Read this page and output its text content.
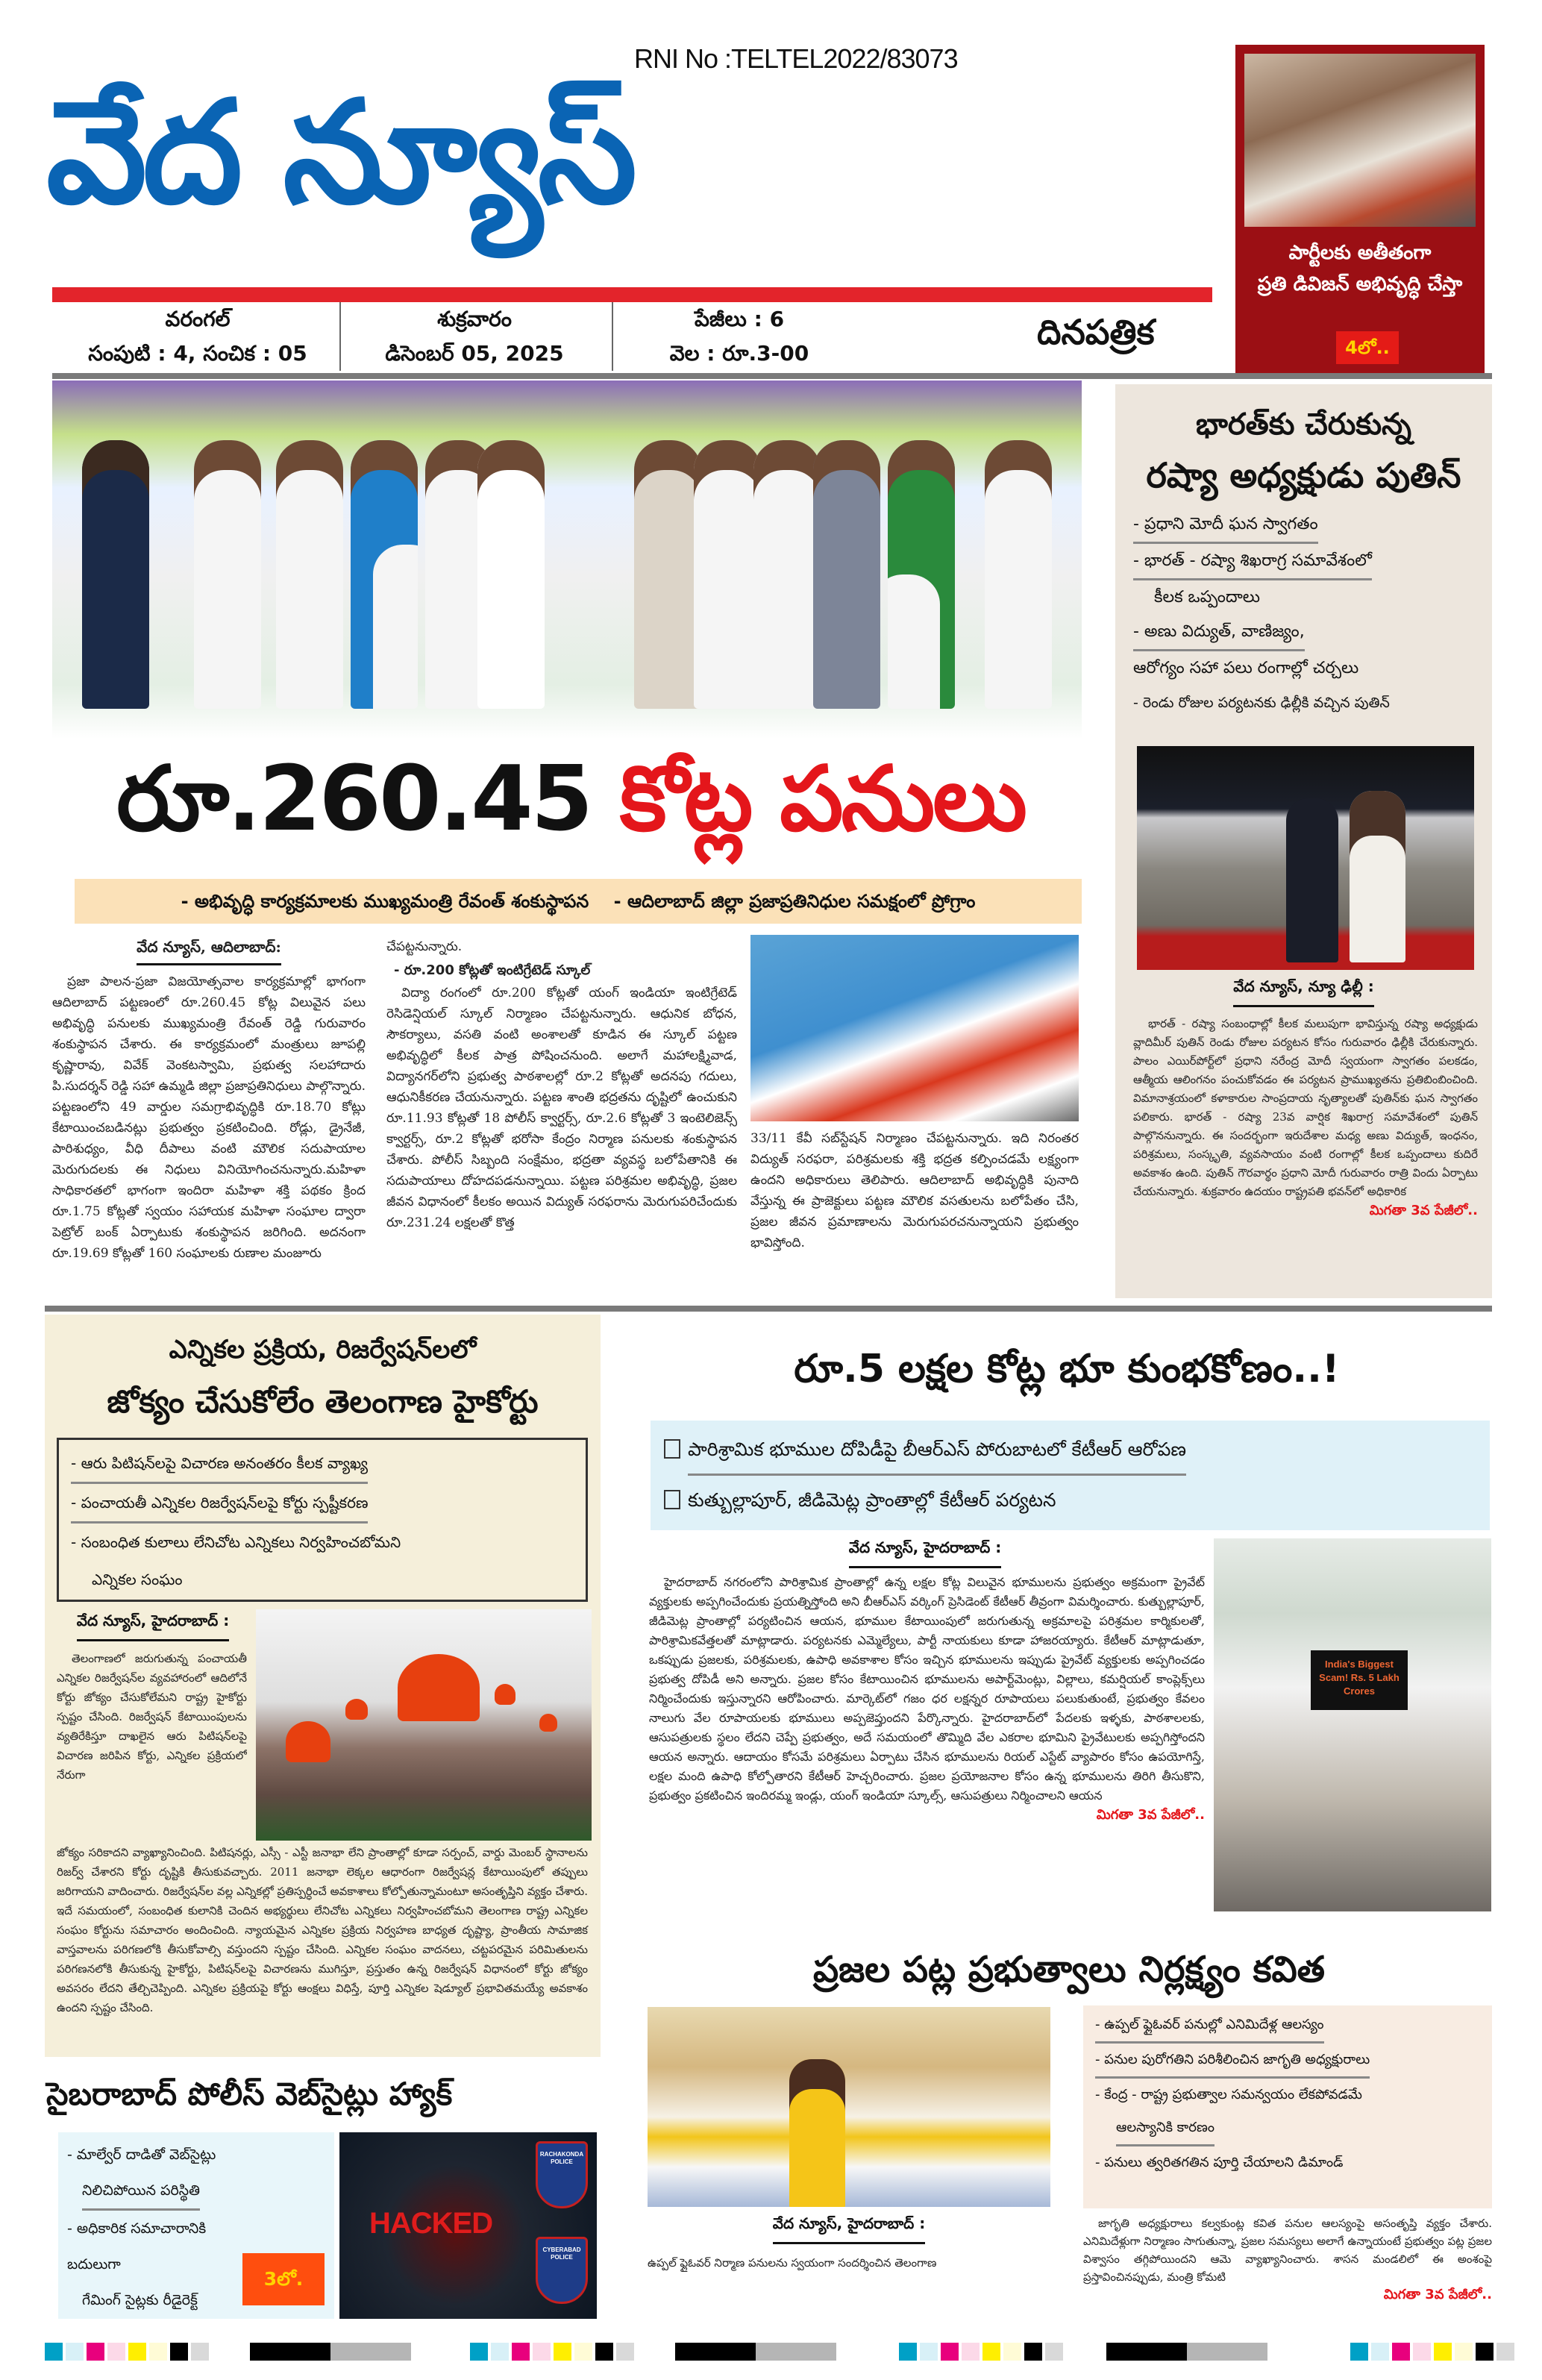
RNI No :TELTEL2022/83073
వేద న్యూస్
వరంగల్
సంపుటి : 4, సంచిక : 05
శుక్రవారం
డిసెంబర్ 05, 2025
పేజీలు : 6
వెల : రూ.3-00
దినపత్రిక
పార్టీలకు అతీతంగా
ప్రతి డివిజన్ అభివృద్ధి చేస్తా
4లో..
రూ.260.45 కోట్ల పనులు
- అభివృద్ధి కార్యక్రమాలకు ముఖ్యమంత్రి రేవంత్ శంకుస్థాపన - ఆదిలాబాద్ జిల్లా ప్రజాప్రతినిధుల సమక్షంలో ప్రోగ్రాం
వేద న్యూస్, ఆదిలాబాద్:

ప్రజా పాలన-ప్రజా విజయోత్సవాల కార్యక్రమాల్లో భాగంగా ఆదిలాబాద్ పట్టణంలో రూ.260.45 కోట్ల విలువైన పలు అభివృద్ధి పనులకు ముఖ్యమంత్రి రేవంత్ రెడ్డి గురువారం శంకుస్థాపన చేశారు. ఈ కార్యక్రమంలో మంత్రులు జూపల్లి కృష్ణారావు, వివేక్ వెంకటస్వామి, ప్రభుత్వ సలహాదారు పి.సుదర్శన్ రెడ్డి సహా ఉమ్మడి జిల్లా ప్రజాప్రతినిధులు పాల్గొన్నారు. పట్టణంలోని 49 వార్డుల సమగ్రాభివృద్ధికి రూ.18.70 కోట్లు కేటాయించబడినట్లు ప్రభుత్వం ప్రకటించింది. రోడ్లు, డ్రైనేజీ, పారిశుధ్యం, వీధి దీపాలు వంటి మౌలిక సదుపాయాల మెరుగుదలకు ఈ నిధులు వినియోగించనున్నారు.మహిళా సాధికారతలో భాగంగా ఇందిరా మహిళా శక్తి పథకం క్రింద రూ.1.75 కోట్లతో స్వయం సహాయక మహిళా సంఘాల ద్వారా పెట్రోల్ బంక్ ఏర్పాటుకు శంకుస్థాపన జరిగింది. అదనంగా రూ.19.69 కోట్లతో 160 సంఘాలకు రుణాల మంజూరు

చేపట్టనున్నారు.
- రూ.200 కోట్లతో ఇంటిగ్రేటెడ్ స్కూల్

విద్యా రంగంలో రూ.200 కోట్లతో యంగ్ ఇండియా ఇంటిగ్రేటెడ్ రెసిడెన్షియల్ స్కూల్ నిర్మాణం చేపట్టనున్నారు. ఆధునిక బోధన, సౌకర్యాలు, వసతి వంటి అంశాలతో కూడిన ఈ స్కూల్ పట్టణ అభివృద్ధిలో కీలక పాత్ర పోషించనుంది. అలాగే మహాలక్ష్మివాడ, విద్యానగర్‌లోని ప్రభుత్వ పాఠశాలల్లో రూ.2 కోట్లతో అదనపు గదులు, ఆధునికీకరణ చేయనున్నారు. పట్టణ శాంతి భద్రతను దృష్టిలో ఉంచుకుని రూ.11.93 కోట్లతో 18 పోలీస్ క్వార్టర్స్, రూ.2.6 కోట్లతో 3 ఇంటెలిజెన్స్ క్వార్టర్స్, రూ.2 కోట్లతో భరోసా కేంద్రం నిర్మాణ పనులకు శంకుస్థాపన చేశారు. పోలీస్ సిబ్బంది సంక్షేమం, భద్రతా వ్యవస్థ బలోపేతానికి ఈ సదుపాయాలు దోహదపడనున్నాయి. పట్టణ పరిశ్రమల అభివృద్ధి, ప్రజల జీవన విధానంలో కీలకం అయిన విద్యుత్ సరఫరాను మెరుగుపరిచేందుకు రూ.231.24 లక్షలతో కొత్త

33/11 కేవీ సబ్‌స్టేషన్ నిర్మాణం చేపట్టనున్నారు. ఇది నిరంతర విద్యుత్ సరఫరా, పరిశ్రమలకు శక్తి భద్రత కల్పించడమే లక్ష్యంగా ఉందని అధికారులు తెలిపారు. ఆదిలాబాద్ అభివృద్ధికి పునాది వేస్తున్న ఈ ప్రాజెక్టులు పట్టణ మౌలిక వసతులను బలోపేతం చేసి, ప్రజల జీవన ప్రమాణాలను మెరుగుపరచనున్నాయని ప్రభుత్వం భావిస్తోంది.
భారత్‌కు చేరుకున్న
రష్యా అధ్యక్షుడు పుతిన్
- ప్రధాని మోదీ ఘన స్వాగతం
- భారత్ - రష్యా శిఖరాగ్ర సమావేశంలో
కీలక ఒప్పందాలు
- అణు విద్యుత్, వాణిజ్యం,
ఆరోగ్యం సహా పలు రంగాల్లో చర్చలు
- రెండు రోజుల పర్యటనకు ఢిల్లీకి వచ్చిన పుతిన్
వేద న్యూస్, న్యూ ఢిల్లీ :

భారత్ - రష్యా సంబంధాల్లో కీలక మలుపుగా భావిస్తున్న రష్యా అధ్యక్షుడు వ్లాదిమీర్ పుతిన్ రెండు రోజుల పర్యటన కోసం గురువారం ఢిల్లీకి చేరుకున్నారు. పాలం ఎయిర్‌పోర్ట్‌లో ప్రధాని నరేంద్ర మోదీ స్వయంగా స్వాగతం పలకడం, ఆత్మీయ ఆలింగనం పంచుకోవడం ఈ పర్యటన ప్రాముఖ్యతను ప్రతిబింబించింది. విమానాశ్రయంలో కళాకారుల సాంప్రదాయ నృత్యాలతో పుతిన్‌కు ఘన స్వాగతం పలికారు. భారత్ - రష్యా 23వ వార్షిక శిఖరాగ్ర సమావేశంలో పుతిన్ పాల్గొననున్నారు. ఈ సందర్భంగా ఇరుదేశాల మధ్య అణు విద్యుత్, ఇంధనం, పరిశ్రమలు, సంస్కృతి, వ్యవసాయం వంటి రంగాల్లో కీలక ఒప్పందాలు కుదిరే అవకాశం ఉంది. పుతిన్ గౌరవార్థం ప్రధాని మోదీ గురువారం రాత్రి విందు ఏర్పాటు చేయనున్నారు. శుక్రవారం ఉదయం రాష్ట్రపతి భవన్‌లో అధికారిక

మిగతా 3వ పేజీలో..
ఎన్నికల ప్రక్రియ, రిజర్వేషన్‌లలో
జోక్యం చేసుకోలేం తెలంగాణ హైకోర్టు
- ఆరు పిటిషన్‌లపై విచారణ అనంతరం కీలక వ్యాఖ్య
- పంచాయతీ ఎన్నికల రిజర్వేషన్‌లపై కోర్టు స్పష్టీకరణ
- సంబంధిత కులాలు లేనిచోట ఎన్నికలు నిర్వహించబోమని
ఎన్నికల సంఘం
వేద న్యూస్, హైదరాబాద్ :

తెలంగాణలో జరుగుతున్న పంచాయతీ ఎన్నికల రిజర్వేషన్‌ల వ్యవహారంలో ఆదిలోనే కోర్టు జోక్యం చేసుకోలేమని రాష్ట్ర హైకోర్టు స్పష్టం చేసింది. రిజర్వేషన్ కేటాయింపులను వ్యతిరేకిస్తూ దాఖలైన ఆరు పిటిషన్‌లపై విచారణ జరిపిన కోర్టు, ఎన్నికల ప్రక్రియలో నేరుగా

జోక్యం సరికాదని వ్యాఖ్యానించింది. పిటిషనర్లు, ఎస్సీ - ఎస్టీ జనాభా లేని ప్రాంతాల్లో కూడా సర్పంచ్, వార్డు మెంబర్ స్థానాలను రిజర్వ్ చేశారని కోర్టు దృష్టికి తీసుకువచ్చారు. 2011 జనాభా లెక్కల ఆధారంగా రిజర్వేషన్ల కేటాయింపులో తప్పులు జరిగాయని వాదించారు. రిజర్వేషన్‌ల వల్ల ఎన్నికల్లో ప్రతిస్పర్ధించే అవకాశాలు కోల్పోతున్నామంటూ అసంతృప్తిని వ్యక్తం చేశారు. ఇదే సమయంలో, సంబంధిత కులానికి చెందిన అభ్యర్థులు లేనిచోట ఎన్నికలు నిర్వహించబోమని తెలంగాణ రాష్ట్ర ఎన్నికల సంఘం కోర్టును సమాచారం అందించింది. న్యాయమైన ఎన్నికల ప్రక్రియ నిర్వహణ బాధ్యత దృష్ట్యా, ప్రాంతీయ సామాజిక వాస్తవాలను పరిగణలోకి తీసుకోవాల్సి వస్తుందని స్పష్టం చేసింది. ఎన్నికల సంఘం వాదనలు, చట్టపరమైన పరిమితులను పరిగణనలోకి తీసుకున్న హైకోర్టు, పిటిషన్‌లపై విచారణను ముగిస్తూ, ప్రస్తుతం ఉన్న రిజర్వేషన్ విధానంలో కోర్టు జోక్యం అవసరం లేదని తేల్చిచెప్పింది. ఎన్నికల ప్రక్రియపై కోర్టు ఆంక్షలు విధిస్తే, పూర్తి ఎన్నికల షెడ్యూల్ ప్రభావితమయ్యే అవకాశం ఉందని స్పష్టం చేసింది.
సైబరాబాద్ పోలీస్ వెబ్‌సైట్లు హ్యాక్
- మాల్వేర్ దాడితో వెబ్‌సైట్లు
నిలిచిపోయిన పరిస్థితి
- అధికారిక సమాచారానికి బదులుగా
గేమింగ్ సైట్లకు రీడైరెక్ట్
3లో.
HACKED
RACHAKONDA POLICE
CYBERABAD POLICE
రూ.5 లక్షల కోట్ల భూ కుంభకోణం..!
పారిశ్రామిక భూముల దోపిడీపై బీఆర్ఎస్ పోరుబాటలో కేటీఆర్ ఆరోపణ
కుత్బుల్లాపూర్, జీడిమెట్ల ప్రాంతాల్లో కేటీఆర్ పర్యటన
వేద న్యూస్, హైదరాబాద్ :

హైదరాబాద్ నగరంలోని పారిశ్రామిక ప్రాంతాల్లో ఉన్న లక్షల కోట్ల విలువైన భూములను ప్రభుత్వం అక్రమంగా ప్రైవేట్ వ్యక్తులకు అప్పగించేందుకు ప్రయత్నిస్తోంది అని బీఆర్ఎస్ వర్కింగ్ ప్రెసిడెంట్ కేటీఆర్ తీవ్రంగా విమర్శించారు. కుత్బుల్లాపూర్, జీడిమెట్ల ప్రాంతాల్లో పర్యటించిన ఆయన, భూముల కేటాయింపులో జరుగుతున్న అక్రమాలపై పరిశ్రమల కార్మికులతో, పారిశ్రామికవేత్తలతో మాట్లాడారు. పర్యటనకు ఎమ్మెల్యేలు, పార్టీ నాయకులు కూడా హాజరయ్యారు. కేటీఆర్ మాట్లాడుతూ, ఒకప్పుడు ప్రజలకు, పరిశ్రమలకు, ఉపాధి అవకాశాల కోసం ఇచ్చిన భూములను ఇప్పుడు ప్రైవేట్ వ్యక్తులకు అప్పగించడం ప్రభుత్వ దోపిడీ అని అన్నారు. ప్రజల కోసం కేటాయించిన భూములను అపార్ట్‌మెంట్లు, విల్లాలు, కమర్షియల్ కాంప్లెక్స్‌లు నిర్మించేందుకు ఇస్తున్నారని ఆరోపించారు. మార్కెట్‌లో గజం ధర లక్షన్నర రూపాయలు పలుకుతుంటే, ప్రభుత్వం కేవలం నాలుగు వేల రూపాయలకు భూములు అప్పజెప్తుందని పేర్కొన్నారు. హైదరాబాద్‌లో పేదలకు ఇళ్ళకు, పాఠశాలలకు, ఆసుపత్రులకు స్థలం లేదని చెప్పే ప్రభుత్వం, అదే సమయంలో తొమ్మిది వేల ఎకరాల భూమిని ప్రైవేటులకు అప్పగిస్తోందని ఆయన అన్నారు. ఆదాయం కోసమే పరిశ్రమలు ఏర్పాటు చేసిన భూములను రియల్ ఎస్టేట్ వ్యాపారం కోసం ఉపయోగిస్తే, లక్షల మంది ఉపాధి కోల్పోతారని కేటీఆర్ హెచ్చరించారు. ప్రజల ప్రయోజనాల కోసం ఉన్న భూములను తిరిగి తీసుకొని, ప్రభుత్వం ప్రకటించిన ఇందిరమ్మ ఇండ్లు, యంగ్ ఇండియా స్కూల్స్, ఆసుపత్రులు నిర్మించాలని ఆయన

మిగతా 3వ పేజీలో..
India's Biggest Scam! Rs. 5 Lakh Crores
ప్రజల పట్ల ప్రభుత్వాలు నిర్లక్ష్యం కవిత
- ఉప్పల్ ఫ్లైఓవర్ పనుల్లో ఎనిమిదేళ్ల ఆలస్యం
- పనుల పురోగతిని పరిశీలించిన జాగృతి అధ్యక్షురాలు
- కేంద్ర - రాష్ట్ర ప్రభుత్వాల సమన్వయం లేకపోవడమే
ఆలస్యానికి కారణం
- పనులు త్వరితగతిన పూర్తి చేయాలని డిమాండ్
వేద న్యూస్, హైదరాబాద్ :
ఉప్పల్ ఫ్లైఓవర్ నిర్మాణ పనులను స్వయంగా సందర్శించిన తెలంగాణ

జాగృతి అధ్యక్షురాలు కల్వకుంట్ల కవిత పనుల ఆలస్యంపై అసంతృప్తి వ్యక్తం చేశారు. ఎనిమిదేళ్లుగా నిర్మాణం సాగుతున్నా, ప్రజల సమస్యలు అలాగే ఉన్నాయంటే ప్రభుత్వం పట్ల ప్రజల విశ్వాసం తగ్గిపోయిందని ఆమె వ్యాఖ్యానించారు. శాసన మండలిలో ఈ అంశంపై ప్రస్తావించినప్పుడు, మంత్రి కోమటి

మిగతా 3వ పేజీలో..
